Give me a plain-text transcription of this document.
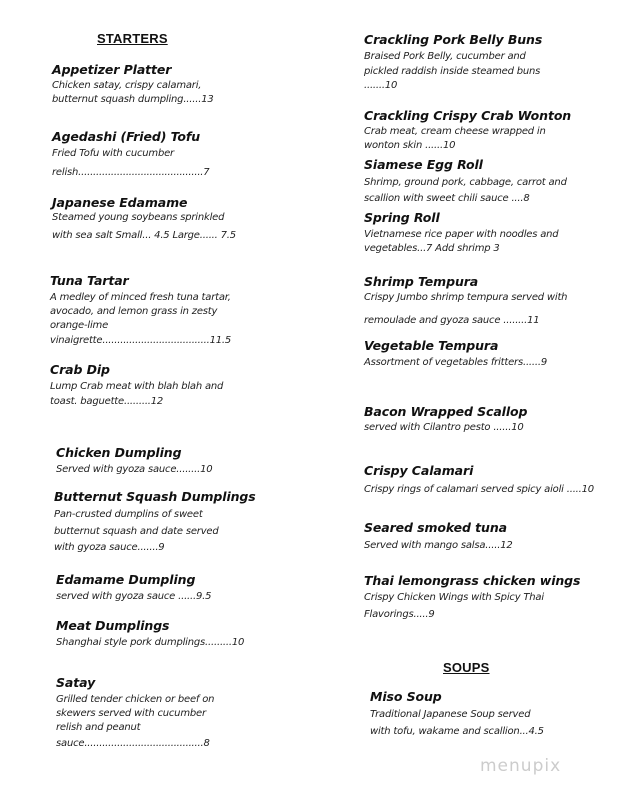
STARTERS
SOUPS
menupix
Appetizer Platter
Chicken satay, crispy calamari,
butternut squash dumpling......13
Agedashi (Fried) Tofu
Fried Tofu with cucumber
relish..........................................7
Japanese Edamame
Steamed young soybeans sprinkled
with sea salt Small... 4.5 Large...... 7.5
Tuna Tartar
A medley of minced fresh tuna tartar,
avocado, and lemon grass in zesty
orange-lime
vinaigrette....................................11.5
Crab Dip
Lump Crab meat with blah blah and
toast. baguette.........12
Chicken Dumpling
Served with gyoza sauce........10
Butternut Squash Dumplings
Pan-crusted dumplins of sweet
butternut squash and date served
with gyoza sauce.......9
Edamame Dumpling
served with gyoza sauce ......9.5
Meat Dumplings
Shanghai style pork dumplings.........10
Satay
Grilled tender chicken or beef on
skewers served with cucumber
relish and peanut
sauce........................................8
Crackling Pork Belly Buns
Braised Pork Belly, cucumber and
pickled raddish inside steamed buns
.......10
Crackling Crispy Crab Wonton
Crab meat, cream cheese wrapped in
wonton skin ......10
Siamese Egg Roll
Shrimp, ground pork, cabbage, carrot and
scallion with sweet chili sauce ....8
Spring Roll
Vietnamese rice paper with noodles and
vegetables...7 Add shrimp 3
Shrimp Tempura
Crispy Jumbo shrimp tempura served with
remoulade and gyoza sauce ........11
Vegetable Tempura
Assortment of vegetables fritters......9
Bacon Wrapped Scallop
served with Cilantro pesto ......10
Crispy Calamari
Crispy rings of calamari served spicy aioli .....10
Seared smoked tuna
Served with mango salsa.....12
Thai lemongrass chicken wings
Crispy Chicken Wings with Spicy Thai
Flavorings.....9
Miso Soup
Traditional Japanese Soup served
with tofu, wakame and scallion...4.5
